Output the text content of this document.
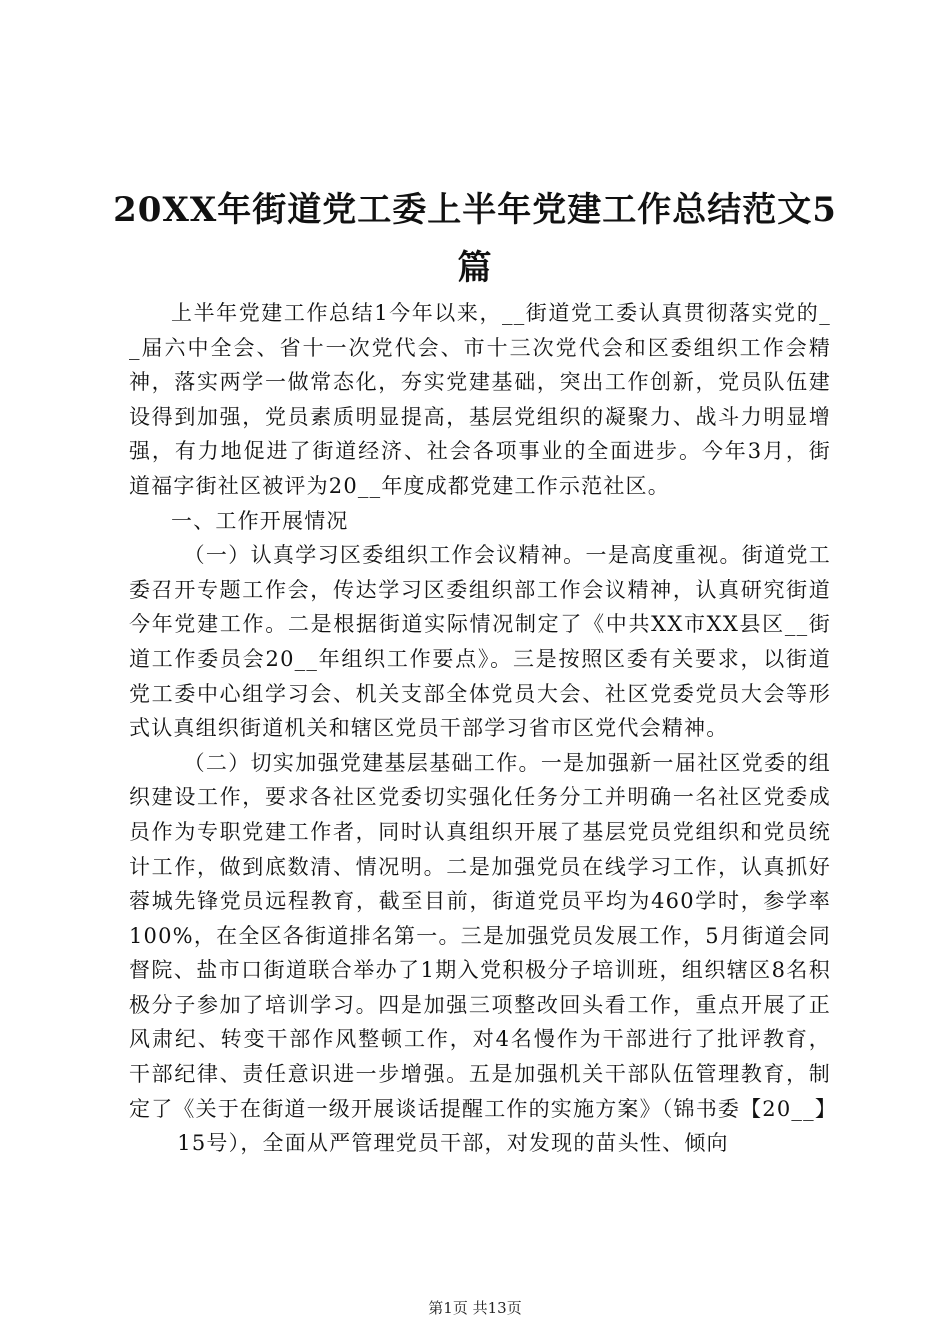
20XX年街道党工委上半年党建工作总结范文5
篇

上半年党建工作总结1今年以来，__街道党工委认真贯彻落实党的__届六中全会、省十一次党代会、市十三次党代会和区委组织工作会精神，落实两学一做常态化，夯实党建基础，突出工作创新，党员队伍建设得到加强，党员素质明显提高，基层党组织的凝聚力、战斗力明显增强，有力地促进了街道经济、社会各项事业的全面进步。今年3月，街道福字街社区被评为20__年度成都党建工作示范社区。

一、工作开展情况

（一）认真学习区委组织工作会议精神。一是高度重视。街道党工委召开专题工作会，传达学习区委组织部工作会议精神，认真研究街道今年党建工作。二是根据街道实际情况制定了《中共XX市XX县区__街道工作委员会20__年组织工作要点》。三是按照区委有关要求，以街道党工委中心组学习会、机关支部全体党员大会、社区党委党员大会等形式认真组织街道机关和辖区党员干部学习省市区党代会精神。

（二）切实加强党建基层基础工作。一是加强新一届社区党委的组织建设工作，要求各社区党委切实强化任务分工并明确一名社区党委成员作为专职党建工作者，同时认真组织开展了基层党员党组织和党员统计工作，做到底数清、情况明。二是加强党员在线学习工作，认真抓好蓉城先锋党员远程教育，截至目前，街道党员平均为460学时，参学率100%，在全区各街道排名第一。三是加强党员发展工作，5月街道会同督院、盐市口街道联合举办了1期入党积极分子培训班，组织辖区8名积极分子参加了培训学习。四是加强三项整改回头看工作，重点开展了正风肃纪、转变干部作风整顿工作，对4名慢作为干部进行了批评教育，干部纪律、责任意识进一步增强。五是加强机关干部队伍管理教育，制定了《关于在街道一级开展谈话提醒工作的实施方案》（锦书委【20__】

15号），全面从严管理党员干部，对发现的苗头性、倾向

第1页 共13页
